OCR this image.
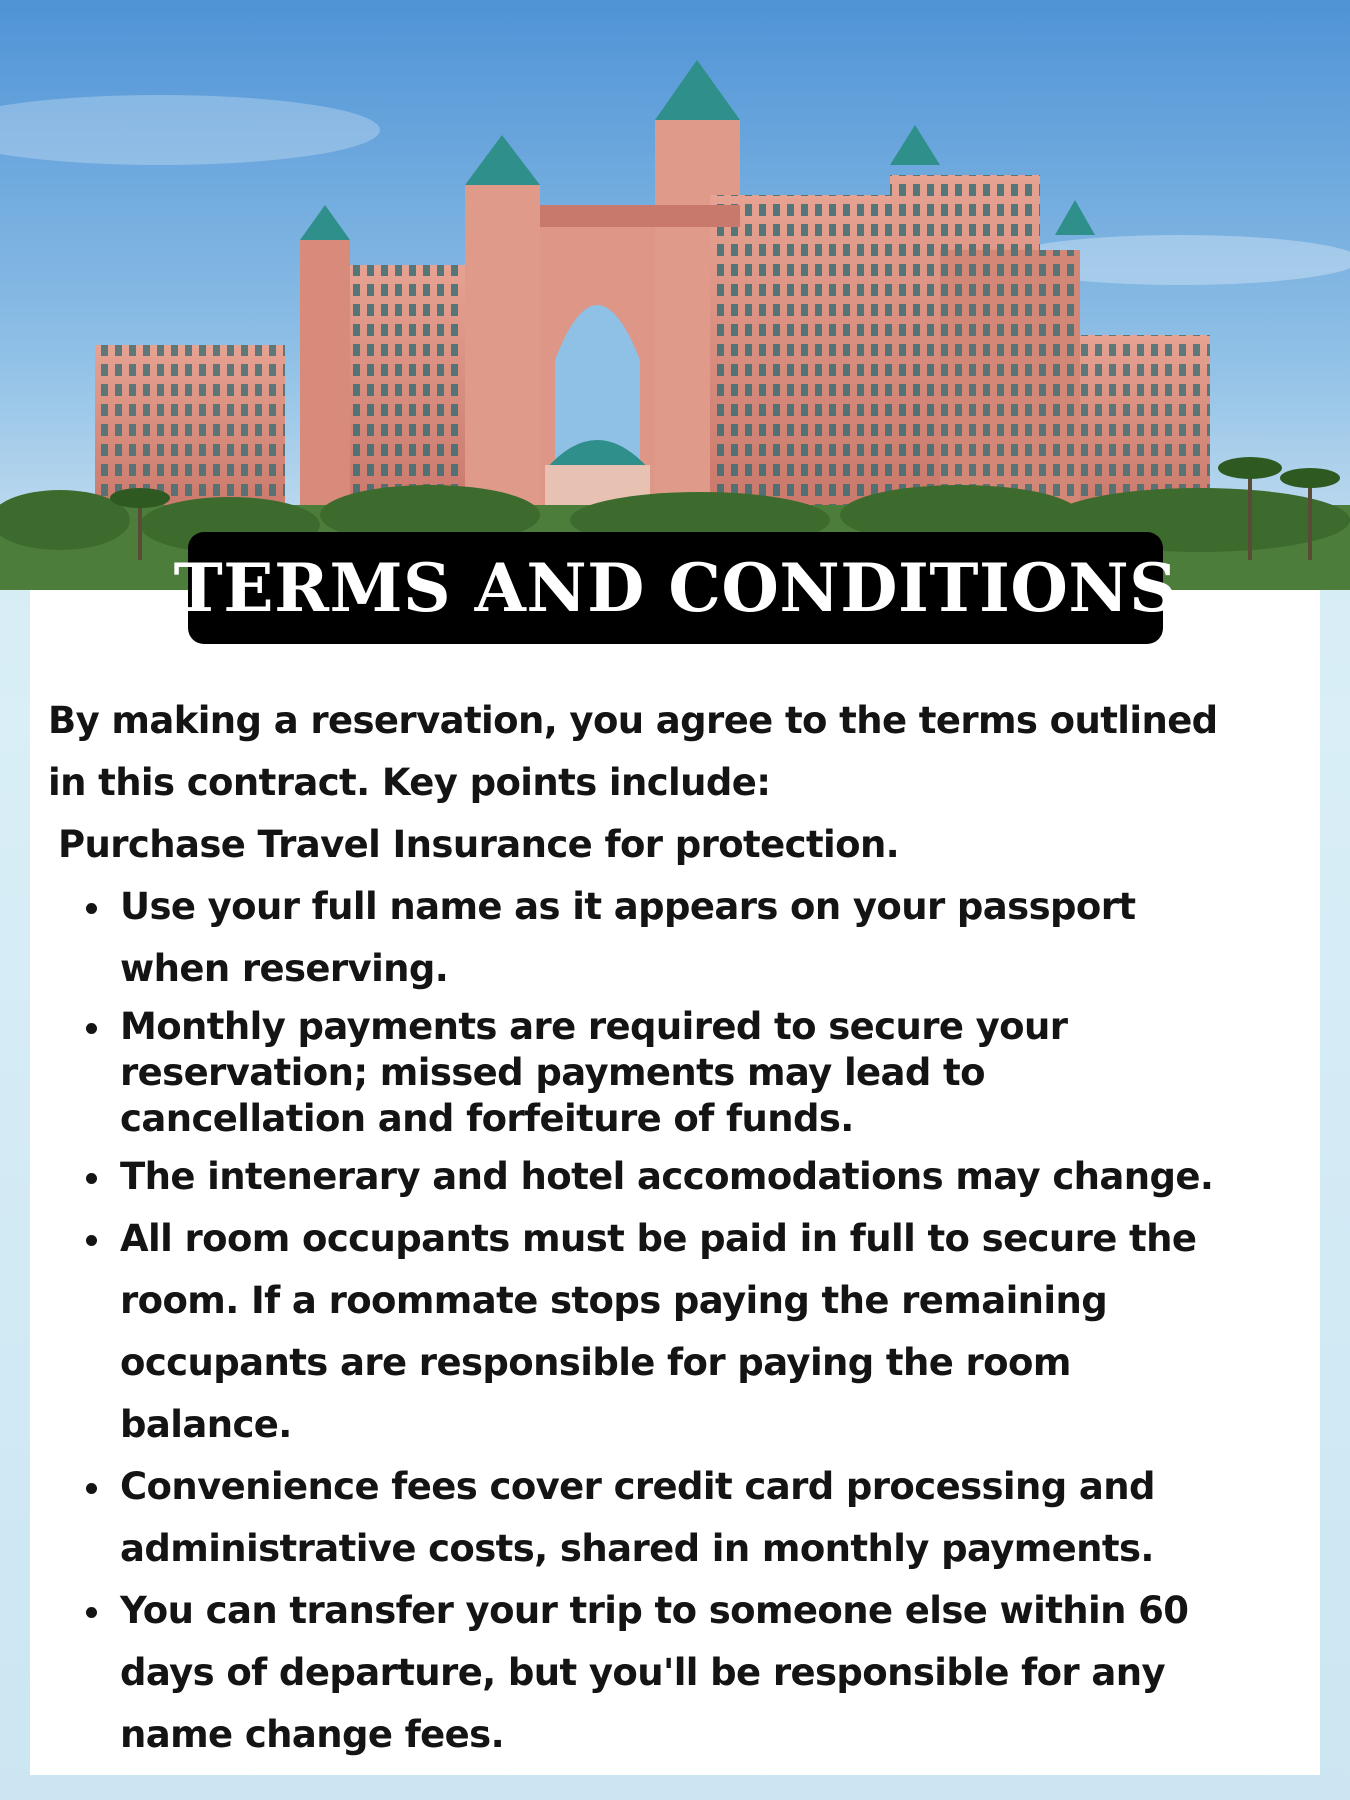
TERMS AND CONDITIONS
By making a reservation, you agree to the terms outlined
in this contract. Key points include:
Purchase Travel Insurance for protection.
Use your full name as it appears on your passport
when reserving.
Monthly payments are required to secure your
reservation; missed payments may lead to
cancellation and forfeiture of funds.
The intenerary and hotel accomodations may change.
All room occupants must be paid in full to secure the
room. If a roommate stops paying the remaining
occupants are responsible for paying the room
balance.
Convenience fees cover credit card processing and
administrative costs, shared in monthly payments.
You can transfer your trip to someone else within 60
days of departure, but you'll be responsible for any
name change fees.
